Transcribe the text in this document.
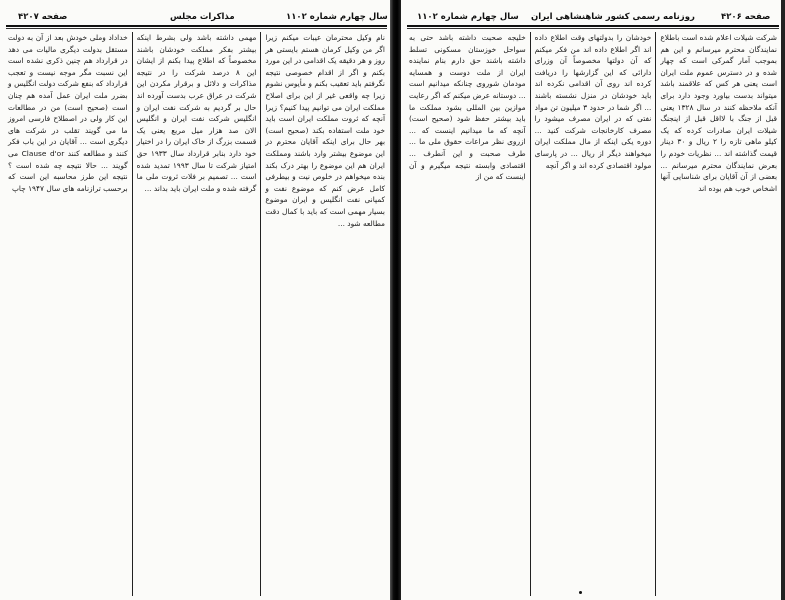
صفحه ۴۲۰۷	مذاکرات مجلس	سال چهارم شماره ۱۱۰۲

نام وکیل محترمان عیبات میکنم زیرا اگر من وکیل کرمان هستم بایستی هر روز و هر دقیقه یک اقدامی در این مورد بکنم و اگر از اقدام خصوصی نتیجه نگرفتم باید تعقیب بکنم و مأیوس نشوم زیرا چه واقعی غیر از این برای اصلاح مملکت ایران می توانیم پیدا کنیم؟ زیرا آنچه که ثروت مملکت ایران است باید خود ملت استفاده بکند (صحیح است) بهر حال برای اینکه آقایان محترم در این موضوع بیشتر وارد باشند ومملکت ایران هم این موضوع را بهتر درک بکند بنده میخواهم در خلوص نیت و بیطرفی کامل عرض کنم که موضوع نفت و کمپانی نفت انگلیس و ایران موضوع بسیار مهمی است که باید با کمال دقت مطالعه شود ...

مهمی داشته باشد ولی بشرط اینکه بیشتر بفکر مملکت خودشان باشند مخصوصاً که اطلاع پیدا بکنم از ایشان این ۸ درصد شرکت را در نتیجه مذاکرات و دلائل و برقرار مکردن این شرکت در عراق عرب بدست آورده اند حال بر گردیم به شرکت نفت ایران و انگلیس شرکت نفت ایران و انگلیس الان صد هزار میل مربع یعنی یک قسمت بزرگ از خاک ایران را در اختیار خود دارد بنابر قرارداد سال ۱۹۳۳ حق امتیاز شرکت تا سال ۱۹۹۳ تمدید شده است ... تصمیم بر فلات ثروت ملی ما گرفته شده و ملت ایران باید بداند ...

خداداد وملی خودش بعد از آن به دولت مستقل بدولت دیگری مالیات می دهد در قرارداد هم چنین ذکری نشده است این نسبت مگر موجه نیست و تعجب قرارداد که بنفع شرکت دولت انگلیس و بضرر ملت ایران عمل آمده هم چنان است (صحیح است) من در مطالعات این کار ولی در اصطلاح فارسی امروز ما می گویند تقلب در شرکت های دیگری است ... آقایان در این باب فکر کنند و مطالعه کنند Clause d'or می گویند ... حالا نتیجه چه شده است ؟ نتیجه این طرز محاسبه این است که برحسب ترازنامه های سال ۱۹۴۷ چاپ

سال چهارم شماره ۱۱۰۲ روزنامه رسمی کشور شاهنشاهی ایران	صفحه ۴۲۰۶

شرکت شیلات اعلام شده است باطلاع نمایندگان محترم میرسانم و این هم بموجب آمار گمرکی است که چهار شده و در دسترس عموم ملت ایران است یعنی هر کس که علاقمند باشد میتواند بدست بیاورد وجود دارد برای آنکه ملاحظه کنند در سال ۱۳۲۸ یعنی قبل از جنگ با لااقل قبل از اینجنگ شیلات ایران صادرات کرده که یک کیلو ماهی تازه را ۲ ریال و ۳۰ دینار قیمت گذاشته اند ... نظریات خودم را بعرض نمایندگان محترم میرسانم ... بعضی از آن آقایان برای شناسایی آنها اشخاص خوب هم بوده اند

خودشان را بدولتهای وقت اطلاع داده اند اگر اطلاع داده اند من فکر میکنم که آن دولتها مخصوصاً آن وزرای دارائی که این گزارشها را دریافت کرده اند روی آن اقدامی نکرده اند باید خودشان در منزل نشسته باشند ... اگر شما در حدود ۳ میلیون تن مواد نفتی که در ایران مصرف میشود را مصرف کارخانجات شرکت کنید ... دوره یکی اینکه از مال مملکت ایران میخواهند دیگر از ریال ... در پارسای مولود اقتصادی کرده اند و اگر آنچه

خلیجه صحبت داشته باشد حتی به سواحل خوزستان مسکونی تسلط داشته باشند حق دارم بنام نماینده ایران از ملت دوست و همسایه مودمان شوروی چنانکه میدانیم است ... دوستانه عرض میکنم که اگر رعایت موازین بین المللی بشود مملکت ما باید بیشتر حفظ شود (صحیح است) آنچه که ما میدانیم اینست که ... ازروی نظر مراعات حقوق ملی ما ... طرف صحبت و این آنطرف ... اقتصادی وابسته نتیجه میگیرم و آن اینست که من از
